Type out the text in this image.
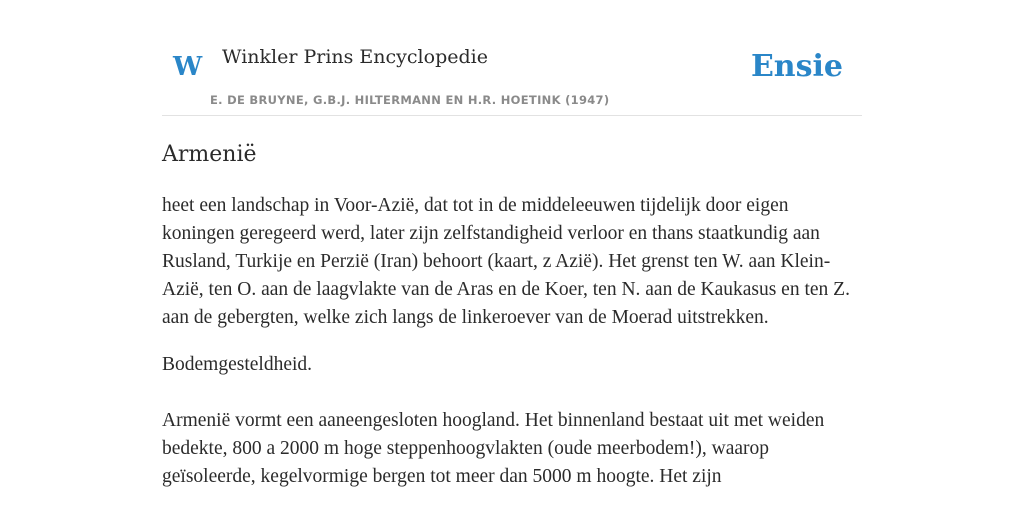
W Winkler Prins Encyclopedie
E. DE BRUYNE, G.B.J. HILTERMANN EN H.R. HOETINK (1947)
Ensie
Armenië

heet een landschap in Voor-Azië, dat tot in de middeleeuwen tijdelijk door eigen koningen geregeerd werd, later zijn zelfstandigheid verloor en thans staatkundig aan Rusland, Turkije en Perzië (Iran) behoort (kaart, z Azië). Het grenst ten W. aan Klein-Azië, ten O. aan de laagvlakte van de Aras en de Koer, ten N. aan de Kaukasus en ten Z. aan de gebergten, welke zich langs de linkeroever van de Moerad uitstrekken.

Bodemgesteldheid.

Armenië vormt een aaneengesloten hoogland. Het binnenland bestaat uit met weiden bedekte, 800 a 2000 m hoge steppenhoogvlakten (oude meerbodem!), waarop geïsoleerde, kegelvormige bergen tot meer dan 5000 m hoogte. Het zijn
